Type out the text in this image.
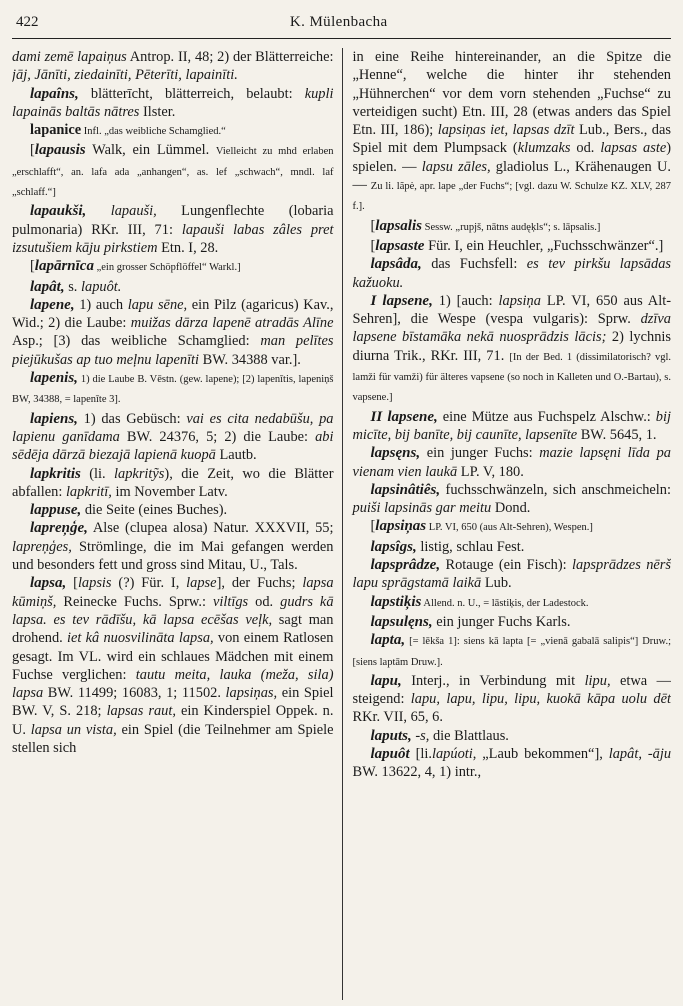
422	K. Mülenbacha

dami zemē lapaiņus Antrop. II, 48; 2) der Blätterreiche: jāj, Jānīti, ziedainīti, Pēterīti, lapainīti.

lapaîns, blätterīcht, blätterreich, belaubt: kupli lapainās baltās nātres Ilster.

lapanice Infl. „das weibliche Schamglied.“

[lapausis Walk, ein Lümmel. Vielleicht zu mhd erlaben „erschlafft“, an. lafa ada „anhangen“, as. lef „schwach“, mndl. laf „schlaff.“]

lapaukši, lapauši, Lungenflechte (lobaria pulmonaria) RKr. III, 71: lapauši labas zâles pret izsutušiem kāju pirkstiem Etn. I, 28.

[lapārnīca „ein grosser Schöpflöffel“ Warkl.]

lapât, s. lapuôt.

lapene, 1) auch lapu sēne, ein Pilz (agaricus) Kav., Wid.; 2) die Laube: muižas dārza lapenē atradās Alīne Asp.; [3) das weibliche Schamglied: man pelītes piejūkušas ap tuo meļnu lapenīti BW. 34388 var.].

lapenis, 1) die Laube B. Vēstn. (gew. lapene); [2) lapenītis, lapeniņš BW, 34388, = lapenīte 3].

lapiens, 1) das Gebüsch: vai es cita nedabūšu, pa lapienu ganīdama BW. 24376, 5; 2) die Laube: abi sēdēja dārzā biezajā lapienā kuopā Lautb.

lapkritis (li. lapkritỹs), die Zeit, wo die Blätter abfallen: lapkritī, im November Latv.

lappuse, die Seite (eines Buches).

lapreņģe, Alse (clupea alosa) Natur. XXXVII, 55; lapreņģes, Strömlinge, die im Mai gefangen werden und besonders fett und gross sind Mitau, U., Tals.

lapsa, [lapsis (?) Für. I, lapse], der Fuchs; lapsa kūmiņš, Reinecke Fuchs. Sprw.: viltīgs od. gudrs kā lapsa. es tev rādīšu, kā lapsa ecēšas veļk, sagt man drohend. iet kâ nuosvilināta lapsa, von einem Ratlosen gesagt. Im VL. wird ein schlaues Mädchen mit einem Fuchse verglichen: tautu meita, lauka (meža, sila) lapsa BW. 11499; 16083, 1; 11502. lapsiņas, ein Spiel BW. V, S. 218; lapsas raut, ein Kinderspiel Oppek. n. U. lapsa un vista, ein Spiel (die Teilnehmer am Spiele stellen sich

in eine Reihe hintereinander, an die Spitze die „Henne“, welche die hinter ihr stehenden „Hühnerchen“ vor dem vorn stehenden „Fuchse“ zu verteidigen sucht) Etn. III, 28 (etwas anders das Spiel Etn. III, 186); lapsiņas iet, lapsas dzīt Lub., Bers., das Spiel mit dem Plumpsack (klumzaks od. lapsas aste) spielen. — lapsu zāles, gladiolus L., Krähenaugen U. — Zu li. lãpė, apr. lape „der Fuchs“; [vgl. dazu W. Schulze KZ. XLV, 287 f.].

[lapsalis Sessw. „rupjš, nātns audęķls“; s. lāpsalis.]

[lapsaste Für. I, ein Heuchler, „Fuchsschwänzer“.]

lapsâda, das Fuchsfell: es tev pirkšu lapsādas kažuoku.

I lapsene, 1) [auch: lapsiņa LP. VI, 650 aus Alt-Sehren], die Wespe (vespa vulgaris): Sprw. dzīva lapsene bīstamāka nekā nuosprādzis lācis; 2) lychnis diurna Trik., RKr. III, 71. [In der Bed. 1 (dissimilatorisch? vgl. lamži für vamži) für älteres vapsene (so noch in Kalleten und O.-Bartau), s. vapsene.]

II lapsene, eine Mütze aus Fuchspelz Alschw.: bij micīte, bij banīte, bij caunīte, lapsenīte BW. 5645, 1.

lapsęns, ein junger Fuchs: mazie lapsęni līda pa vienam vien laukā LP. V, 180.

lapsinâtiês, fuchsschwänzeln, sich anschmeicheln: puiši lapsinās gar meitu Dond.

[lapsiņas LP. VI, 650 (aus Alt-Sehren), Wespen.]

lapsîgs, listig, schlau Fest.

lapsprâdze, Rotauge (ein Fisch): lapsprādzes nērš lapu sprāgstamā laikā Lub.

lapstiķis Allend. n. U., = lāstiķis, der Ladestock.

lapsulęns, ein junger Fuchs Karls.

lapta, [= lēkša 1]: siens kā lapta [= „vienā gabalā salipis“] Druw.; [siens laptām Druw.].

lapu, Interj., in Verbindung mit lipu, etwa — steigend: lapu, lapu, lipu, lipu, kuokā kāpa uolu dēt RKr. VII, 65, 6.

laputs, -s, die Blattlaus.

lapuôt [li.lapúoti, „Laub bekommen“], lapât, -āju BW. 13622, 4, 1) intr.,
